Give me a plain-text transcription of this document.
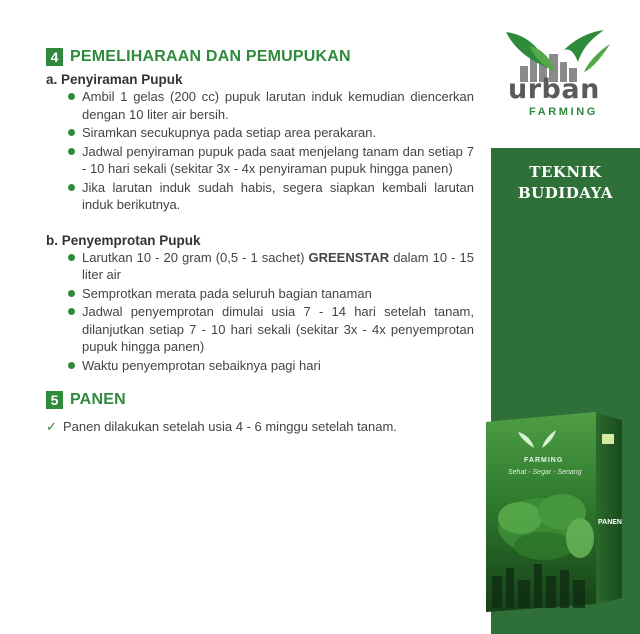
4 PEMELIHARAAN DAN PEMUPUKAN
a. Penyiraman Pupuk
Ambil 1 gelas (200 cc) pupuk larutan induk kemudian diencerkan dengan 10 liter air bersih.
Siramkan secukupnya pada setiap area perakaran.
Jadwal penyiraman pupuk pada saat menjelang tanam dan setiap 7 - 10 hari sekali (sekitar 3x - 4x penyiraman pupuk hingga panen)
Jika larutan induk sudah habis, segera siapkan kembali larutan induk berikutnya.
b. Penyemprotan Pupuk
Larutkan 10 - 20 gram (0,5 - 1 sachet) GREENSTAR dalam 10 - 15 liter air
Semprotkan merata pada seluruh bagian tanaman
Jadwal penyemprotan dimulai usia 7 - 14 hari setelah tanam, dilanjutkan setiap 7 - 10 hari sekali (sekitar 3x - 4x penyemprotan pupuk hingga panen)
Waktu penyemprotan sebaiknya pagi hari
5 PANEN
✓ Panen dilakukan setelah usia 4 - 6 minggu setelah tanam.
urban
FARMING
TEKNIK
BUDIDAYA
FARMING
Sehat - Segar - Senang
PANEN
